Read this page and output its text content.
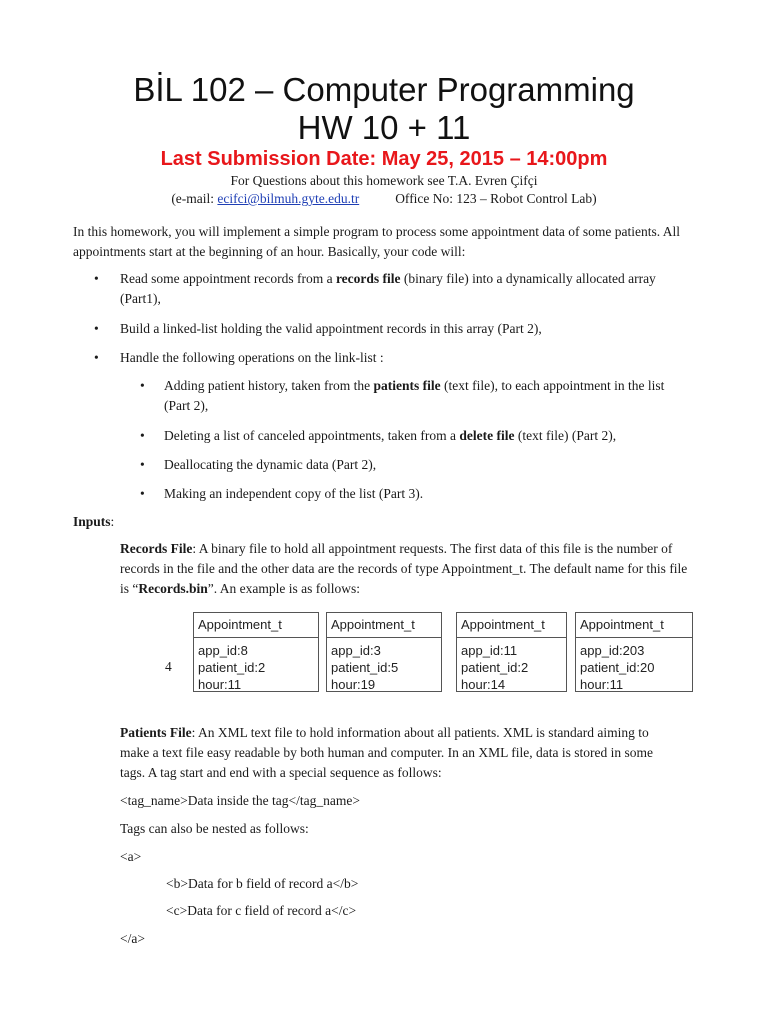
BİL 102 – Computer Programming
HW 10 + 11
Last Submission Date: May 25, 2015 – 14:00pm
For Questions about this homework see T.A. Evren Çifçi
(e-mail: ecifci@bilmuh.gyte.edu.tr	Office No: 123 – Robot Control Lab)
In this homework, you will implement a simple program to process some appointment data of some patients. All appointments start at the beginning of an hour. Basically, your code will:
• Read some appointment records from a records file (binary file) into a dynamically allocated array (Part1),
• Build a linked-list holding the valid appointment records in this array (Part 2),
• Handle the following operations on the link-list :
• Adding patient history, taken from the patients file (text file), to each appointment in the list (Part 2),
• Deleting a list of canceled appointments, taken from a delete file (text file) (Part 2),
• Deallocating the dynamic data (Part 2),
• Making an independent copy of the list (Part 3).
Inputs:
Records File: A binary file to hold all appointment requests. The first data of this file is the number of records in the file and the other data are the records of type Appointment_t. The default name for this file is “Records.bin”. An example is as follows:
4
Appointment_t
app_id:8
patient_id:2
hour:11
Appointment_t
app_id:3
patient_id:5
hour:19
Appointment_t
app_id:11
patient_id:2
hour:14
Appointment_t
app_id:203
patient_id:20
hour:11
Patients File: An XML text file to hold information about all patients. XML is standard aiming to make a text file easy readable by both human and computer. In an XML file, data is stored in some tags. A tag start and end with a special sequence as follows:
<tag_name>Data inside the tag</tag_name>
Tags can also be nested as follows:
<a>
<b>Data for b field of record a</b>
<c>Data for c field of record a</c>
</a>
